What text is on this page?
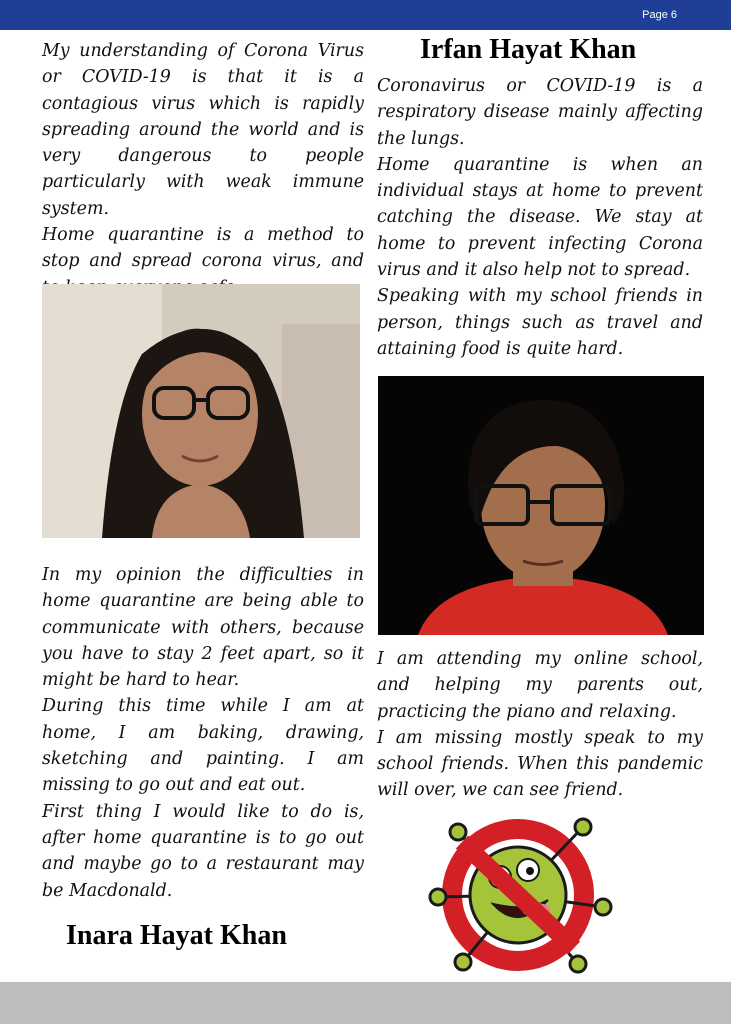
Page 6
My understanding of Corona Virus or COVID-19 is that it is a contagious virus which is rapidly spreading around the world and is very dangerous to people particularly with weak immune system.
Home quarantine is a method to stop and spread corona virus, and
In my opinion the difficulties in home quarantine are being able to communicate with others, because you have to stay 2 feet apart, so it might be hard to hear.
During this time while I am at home, I am baking, drawing, sketching and painting. I am missing to go out and eat out.
First thing I would like to do is, after home quarantine is to go out and maybe go to a restaurant may be Macdonald.
Inara Hayat Khan
Irfan Hayat Khan
Coronavirus or COVID-19 is a respiratory disease mainly affecting the lungs.
Home quarantine is when an individual stays at home to prevent catching the disease. We stay at home to prevent infecting Corona virus and it also help not to spread.
Speaking with my school friends in person, things such as travel and attaining food is quite hard.
I am attending my online school, and helping my parents out, practicing the piano and relaxing.
I am missing mostly speak to my school friends. When this pandemic will over, we can see friend.
